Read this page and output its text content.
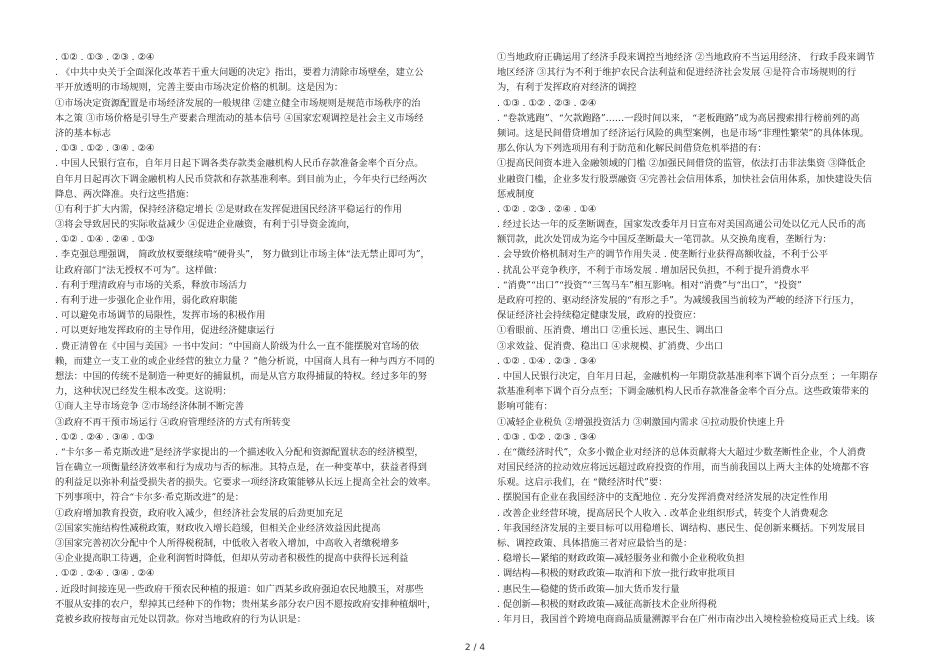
. ①② . ①③ . ②③ . ②④
. 《中共中央关于全面深化改革若干重大问题的决定》指出，要着力清除市场壁垒，建立公
平开放透明的市场规则，完善主要由市场决定价格的机制。这是因为：
①市场决定资源配置是市场经济发展的一般规律 ②建立健全市场规则是规范市场秩序的治
本之策 ③市场价格是引导生产要素合理流动的基本信号 ④国家宏观调控是社会主义市场经
济的基本标志
. ①③ . ①② . ③④ . ②④
. 中国人民银行宣布，自年月日起下调各类存款类金融机构人民币存款准备金率个百分点。
自年月日起再次下调金融机构人民币贷款和存款基准利率。到目前为止，今年央行已经两次
降息、两次降准。央行这些措施：
①有利于扩大内需，保持经济稳定增长 ②是财政在发挥促进国民经济平稳运行的作用
③将会导致居民的实际收益减少 ④促进企业融资，有利于引导资金流向，
. ①② . ①④ . ②④ . ①③
. 李克强总理强调， 简政放权要继续啃“硬骨头”， 努力做到让市场主体“法无禁止即可为”，
让政府部门“法无授权不可为”。这样做：
. 有利于理清政府与市场的关系，释放市场活力
. 有利于进一步强化企业作用，弱化政府职能
. 可以避免市场调节的局限性，发挥市场的积极作用
. 可以更好地发挥政府的主导作用，促进经济健康运行
. 费正清曾在《中国与美国》一书中发问：“中国商人阶级为什么一直不能摆脱对官场的依
赖，而建立一支工业的或企业经营的独立力量 ？”他分析说，中国商人具有一种与西方不同的
想法：中国的传统不是制造一种更好的捕鼠机，而是从官方取得捕鼠的特权。经过多年的努
力，这种状况已经发生根本改变。这说明：
①商人主导市场竞争 ②市场经济体制不断完善
③政府不再干预市场运行 ④政府管理经济的方式有所转变
. ①② . ②④ . ③④ . ①③
. “卡尔多－希克斯改进”是经济学家提出的一个描述收入分配和资源配置状态的经济模型，
旨在确立一项衡量经济效率和行为成功与否的标准。其特点是，在一种变革中，获益者得到
的利益足以弥补利益受损失者的损失。它要求一项经济政策能够从长远上提高全社会的效率。
下列事项中，符合“卡尔多·希克斯改进”的是：
①政府增加教育投资，政府收入减少，但经济社会发展的后劲更加充足
②国家实施结构性减税政策，财政收入增长趋缓，但相关企业经济效益因此提高
③国家完善初次分配中个人所得税税制，中低收入者收入增加，中高收入者缴税增多
④企业提高职工待遇，企业利润暂时降低，但却从劳动者积极性的提高中获得长远利益
. ①② . ②④ . ③④ . ②④
. 近段时间接连见一些政府干预农民种植的报道：如广西某乡政府强迫农民地膜玉，对那些
不服从安排的农户，犁掉其已经种下的作物；贵州某乡部分农户因不愿按政府安排种植烟叶，
竟被乡政府按每亩元处以罚款。你对当地政府的行为认识是：
①当地政府正确运用了经济手段来调控当地经济 ②当地政府不当运用经济、 行政手段来调节
地区经济 ③其行为不利于维护农民合法利益和促进经济社会发展 ④是符合市场规则的行
为，有利于发挥政府对经济的调控
. ①③ . ①② . ②③ . ②④
. “卷款逃跑”、“欠款跑路”……一段时间以来， “老板跑路”成为高居搜索排行榜前列的高
频词。这是民间借贷增加了经济运行风险的典型案例，也是市场“非理性繁荣”的具体体现。
那么你认为下列选项用有利于防范和化解民间借贷危机举措的有：
①提高民间资本进入金融领域的门槛 ②加强民间借贷的监管，依法打击非法集资 ③降低企
业融资门槛，企业多发行股票融资 ④完善社会信用体系，加快社会信用体系，加快建设失信
惩戒制度
. ①② . ②③ . ②④ . ①④
. 经过长达一年的反垄断调查，国家发改委年月日宣布对美国高通公司处以亿元人民币的高
额罚款，此次处罚成为迄今中国反垄断最大一笔罚款。从交换角度看，垄断行为：
. 会导致价格机制对生产的调节作用失灵 . 使垄断行业获得高额收益，不利于公平
. 扰乱公平竞争秩序，不利于市场发展 . 增加居民负担，不利于提升消费水平
. “消费”“出口”“投资”“三驾马车”相互影响。相对“消费”与“出口”，“投资”
是政府可控的、驱动经济发展的“有形之手”。为减缓我国当前较为严峻的经济下行压力，
保证经济社会持续稳定健康发展，政府的投资应：
①看眼前、压消费、增出口 ②重长远、惠民生、调出口
③求效益、促消费、稳出口 ④求规模、扩消费、少出口
. ①② . ①④ . ②③ . ③④
. 中国人民银行决定，自年月日起，金融机构一年期贷款基准利率下调个百分点至 ；一年期存
款基准利率下调个百分点至；下调金融机构人民币存款准备金率个百分点。这些政策带来的
影响可能有：
①减轻企业税负 ②增强投资活力 ③刺激国内需求 ④拉动股价快速上升
. ①③ . ①② . ②③ . ③④
. 在“微经济时代”，众多小微企业对经济的总体贡献将大大超过少数垄断性企业，个人消费
对国民经济的拉动效应将远远超过政府投资的作用，而当前我国以上两大主体的处境都不容
乐观。这启示我们，在 “微经济时代”要：
. 摆脱国有企业在我国经济中的支配地位 . 充分发挥消费对经济发展的决定性作用
. 改善企业经营环境，提高居民个人收入 . 改革企业组织形式，转变个人消费观念
. 年我国经济发展的主要目标可以用稳增长、调结构、惠民生、促创新来概括。下列发展目
标、调控政策、具体措施三者对应最恰当的是：
. 稳增长—紧缩的财政政策—减轻服务业和微小企业税收负担
. 调结构—积极的财政政策—取消和下放一批行政审批项目
. 惠民生—稳健的货币政策—加大货币发行量
. 促创新—积极的财政政策—减征高新技术企业所得税
. 年月日，我国首个跨境电商商品质量溯源平台在广州市南沙出入境检验检疫局正式上线。该
2 / 4
